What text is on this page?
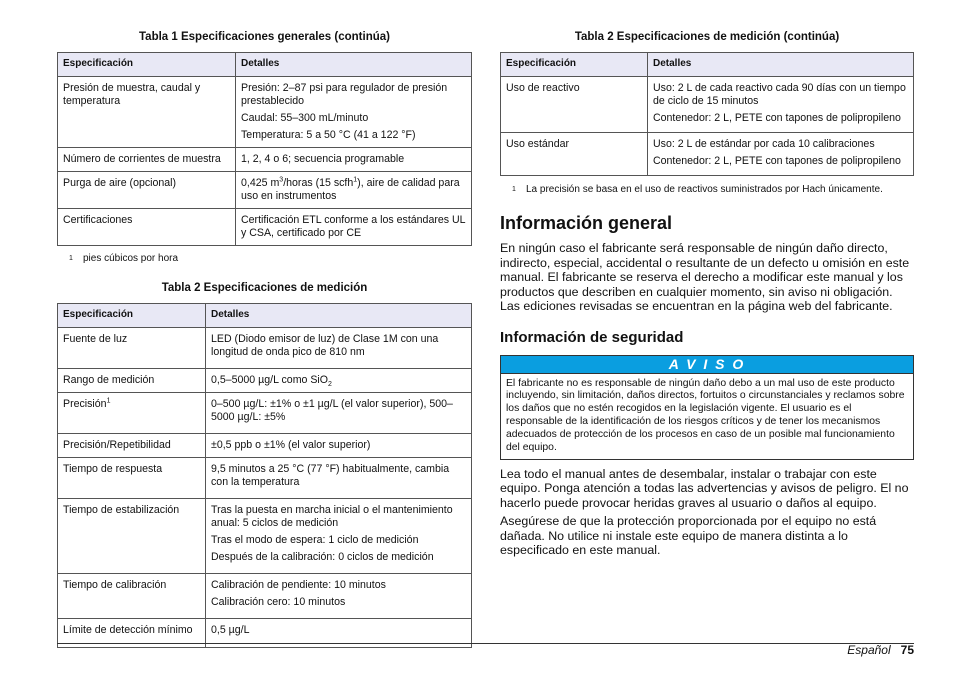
Tabla 1 Especificaciones generales (continúa)
Especificación	Detalles
Presión de muestra, caudal y temperatura	Presión: 2–87 psi para regulador de presión prestablecido

Caudal: 55–300 mL/minuto

Temperatura: 5 a 50 °C (41 a 122 °F)

Número de corrientes de muestra	1, 2, 4 o 6; secuencia programable
Purga de aire (opcional)	0,425 $m^3$/horas (15 scfh$^1$), aire de calidad para uso en instrumentos
Certificaciones	Certificación ETL conforme a los estándares UL y CSA, certificado por CE
1	pies cúbicos por hora
Tabla 2 Especificaciones de medición
Especificación	Detalles
Fuente de luz	LED (Diodo emisor de luz) de Clase 1M con una longitud de onda pico de 810 nm
Rango de medición	0,5–5000 µg/L como SiO$_2$
Precisión$^1$	0–500 µg/L: ±1% o ±1 µg/L (el valor superior), 500–5000 µg/L: ±5%
Precisión/Repetibilidad	±0,5 ppb o ±1% (el valor superior)
Tiempo de respuesta	9,5 minutos a 25 °C (77 °F) habitualmente, cambia con la temperatura
Tiempo de estabilización	Tras la puesta en marcha inicial o el mantenimiento anual: 5 ciclos de medición

Tras el modo de espera: 1 ciclo de medición

Después de la calibración: 0 ciclos de medición

Tiempo de calibración	Calibración de pendiente: 10 minutos

Calibración cero: 10 minutos

Límite de detección mínimo	0,5 µg/L
Tabla 2 Especificaciones de medición (continúa)
Especificación	Detalles
Uso de reactivo	Uso: 2 L de cada reactivo cada 90 días con un tiempo de ciclo de 15 minutos

Contenedor: 2 L, PETE con tapones de polipropileno

Uso estándar	Uso: 2 L de estándar por cada 10 calibraciones

Contenedor: 2 L, PETE con tapones de polipropileno

1	La precisión se basa en el uso de reactivos suministrados por Hach únicamente.
Información general

En ningún caso el fabricante será responsable de ningún daño directo, indirecto, especial, accidental o resultante de un defecto u omisión en este manual. El fabricante se reserva el derecho a modificar este manual y los productos que describen en cualquier momento, sin aviso ni obligación. Las ediciones revisadas se encuentran en la página web del fabricante.

Información de seguridad
A V I S O
El fabricante no es responsable de ningún daño debo a un mal uso de este producto incluyendo, sin limitación, daños directos, fortuitos o circunstanciales y reclamos sobre los daños que no estén recogidos en la legislación vigente. El usuario es el responsable de la identificación de los riesgos críticos y de tener los mecanismos adecuados de protección de los procesos en caso de un posible mal funcionamiento del equipo.

Lea todo el manual antes de desembalar, instalar o trabajar con este equipo. Ponga atención a todas las advertencias y avisos de peligro. El no hacerlo puede provocar heridas graves al usuario o daños al equipo.

Asegúrese de que la protección proporcionada por el equipo no está dañada. No utilice ni instale este equipo de manera distinta a lo especificado en este manual.

Español 75
